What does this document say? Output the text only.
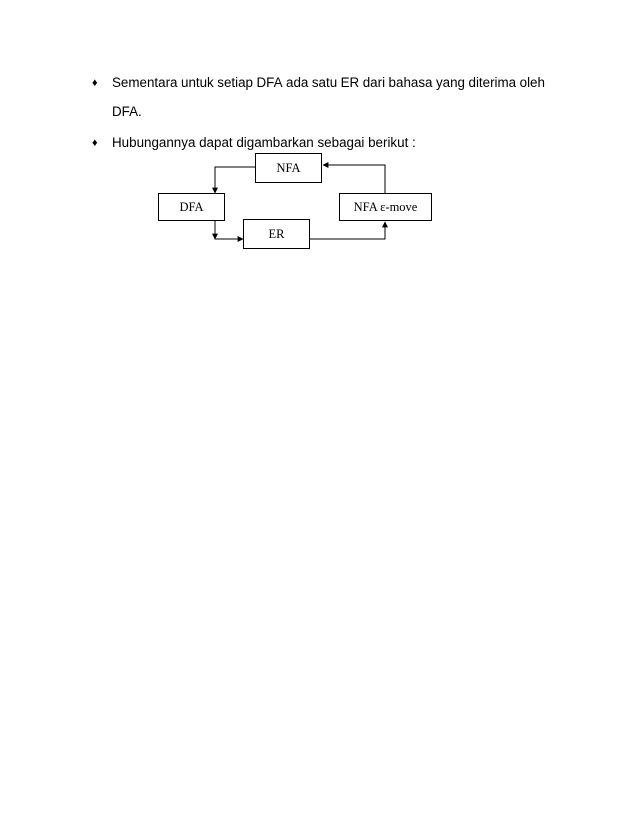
♦ Sementara untuk setiap DFA ada satu ER dari bahasa yang diterima oleh
DFA.
♦ Hubungannya dapat digambarkan sebagai berikut :
NFA
DFA
ER
NFA ε-move
